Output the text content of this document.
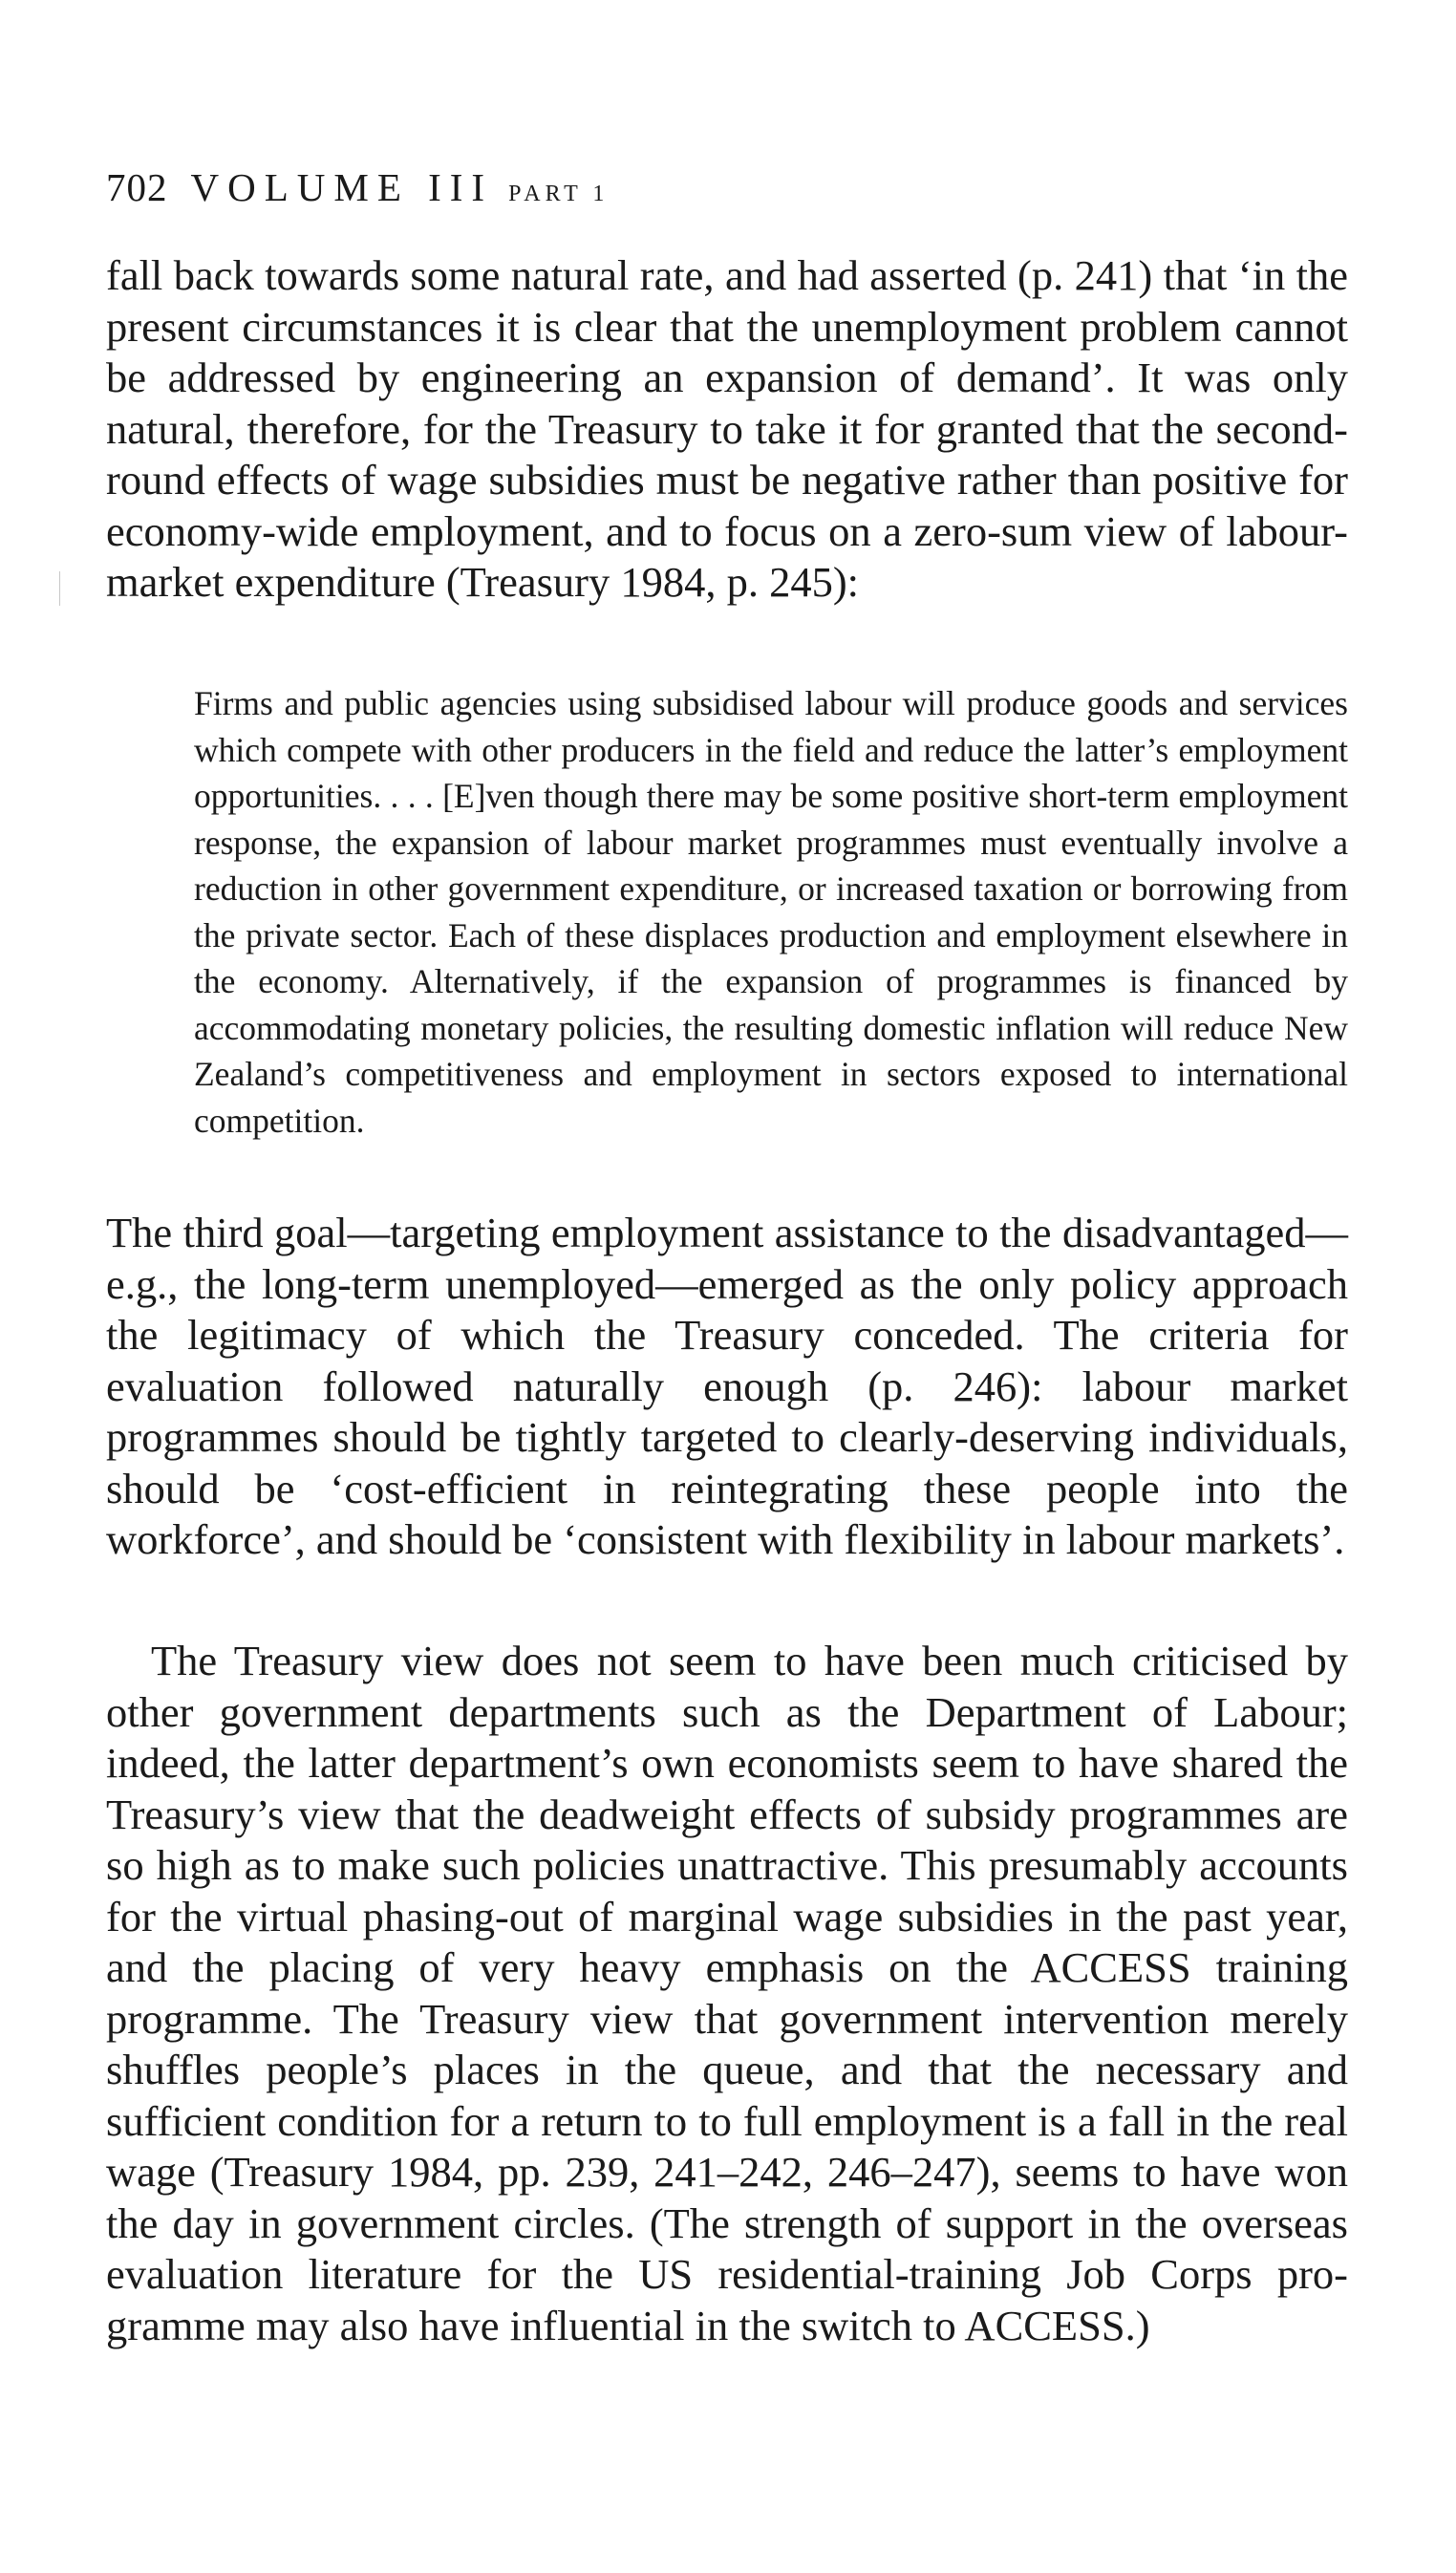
702 VOLUME III PART 1
fall back towards some natural rate, and had asserted (p. 241) that ‘in the present circumstances it is clear that the unemployment problem cannot be addressed by engineering an expansion of demand’. It was only natural, therefore, for the Treasury to take it for granted that the second-round effects of wage subsidies must be negative rather than positive for economy-wide employment, and to focus on a zero-sum view of labour-market expenditure (Treasury 1984, p. 245):
Firms and public agencies using subsidised labour will produce goods and services which compete with other producers in the field and reduce the latter’s employment opportunities. . . . [E]ven though there may be some positive short-term employment response, the expansion of labour market programmes must eventually involve a reduction in other government expenditure, or increased taxation or borrowing from the private sector. Each of these displaces production and employment elsewhere in the economy. Alternatively, if the expansion of programmes is financed by accommodating monetary policies, the resulting domestic inflation will reduce New Zealand’s competitiveness and employment in sectors exposed to international competition.
The third goal—targeting employment assistance to the disadvantaged—e.g., the long-term unemployed—emerged as the only policy approach the legitimacy of which the Treasury conceded. The criteria for evaluation followed naturally enough (p. 246): labour market programmes should be tightly targeted to clearly-deserving individuals, should be ‘cost-efficient in reintegrating these people into the workforce’, and should be ‘consistent with flexibility in labour markets’.
The Treasury view does not seem to have been much criticised by other government departments such as the Department of Labour; indeed, the latter department’s own economists seem to have shared the Treasury’s view that the deadweight effects of subsidy programmes are so high as to make such policies unattractive. This presumably accounts for the virtual phasing-out of marginal wage subsidies in the past year, and the placing of very heavy emphasis on the ACCESS training programme. The Treasury view that government intervention merely shuffles people’s places in the queue, and that the necessary and sufficient condition for a return to to full employment is a fall in the real wage (Treasury 1984, pp. 239, 241–242, 246–247), seems to have won the day in government circles. (The strength of support in the overseas evaluation literature for the US residential-training Job Corps programme may also have influential in the switch to ACCESS.)
